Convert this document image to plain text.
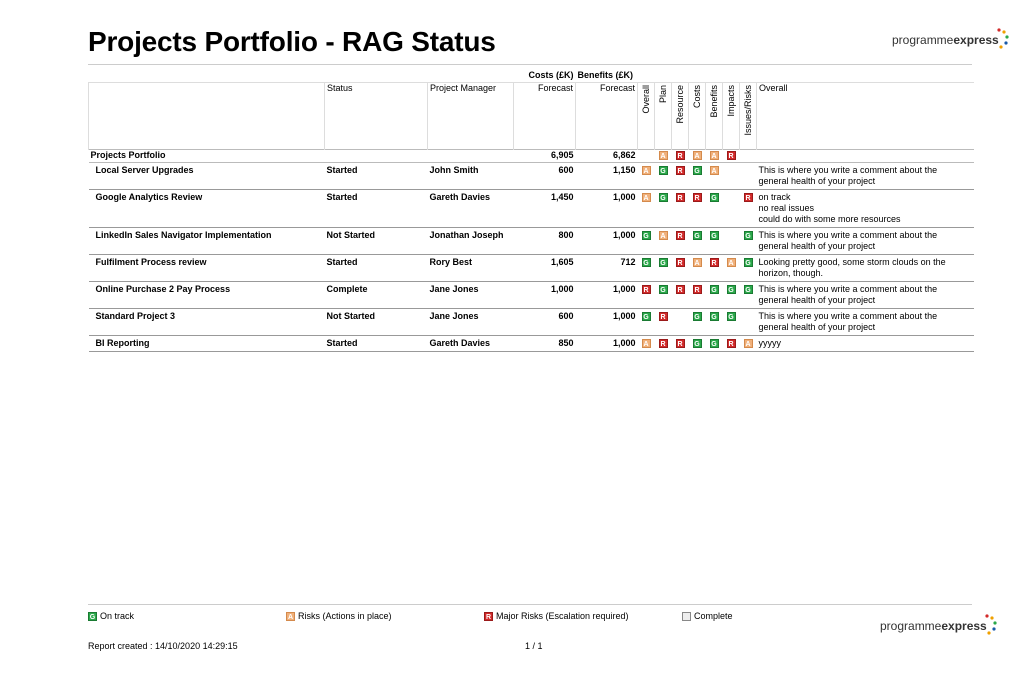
Projects Portfolio - RAG Status	programmeexpress
			Costs (£K)	Benefits (£K)								
	Status	Project Manager	Forecast	Forecast	Overall	Plan	Resource	Costs	Benefits	Impacts	Issues/Risks	Overall
Projects Portfolio			6,905	6,862		A	R	A	A	R		
Local Server Upgrades	Started	John Smith	600	1,150	A	G	R	G	A			This is where you write a comment about the
general health of your project

Google Analytics Review	Started	Gareth Davies	1,450	1,000	A	G	R	R	G		R	on track
no real issues
could do with some more resources

LinkedIn Sales Navigator Implementation	Not Started	Jonathan Joseph	800	1,000	G	A	R	G	G		G	This is where you write a comment about the
general health of your project

Fulfilment Process review	Started	Rory Best	1,605	712	G	G	R	A	R	A	G	Looking pretty good, some storm clouds on the
horizon, though.

Online Purchase 2 Pay Process	Complete	Jane Jones	1,000	1,000	R	G	R	R	G	G	G	This is where you write a comment about the
general health of your project

Standard Project 3	Not Started	Jane Jones	600	1,000	G	R		G	G	G		This is where you write a comment about the
general health of your project

BI Reporting	Started	Gareth Davies	850	1,000	A	R	R	G	G	R	A	yyyyy
G On track	A Risks (Actions in place)	R Major Risks (Escalation required)	Complete
programmeexpress
Report created : 14/10/2020 14:29:15	1 / 1
